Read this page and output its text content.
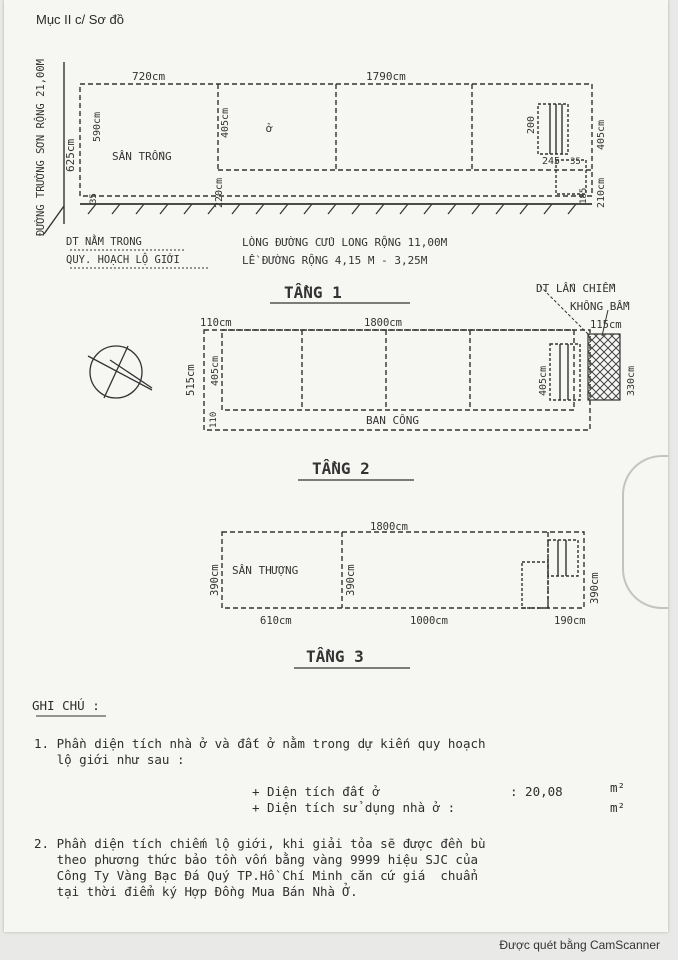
Mục II c/ Sơ đồ
720cm	1790cm
625cm
590cm
35
405cm
220cm
200
245 35
405cm
210cm
185
SÂN TRỐNG
ở
ĐƯỜNG TRƯỜNG SƠN RỘNG 21,00M
DT NẰM TRONG
QUY. HOẠCH LỘ GIỚI
LÒNG ĐƯỜNG CỬU LONG RỘNG 11,00M
LỀ ĐƯỜNG RỘNG 4,15 M - 3,25M
TẦNG 1
110cm	1800cm	115cm
515cm 405cm
110
405cm	330cm
BAN CÔNG
DT LẤN CHIẾM
KHÔNG BẤM
TẦNG 2
1800cm
390cm	390cm	390cm
610cm	1000cm	190cm
SÂN THƯỢNG
TẦNG 3
GHI CHÚ :
1. Phần diện tích nhà ở và đất ở nằm trong dự kiến quy hoạch
lộ giới như sau :
+ Diện tích đất ở	: 20,08	m²
+ Diện tích sử dụng nhà ở :	m²
2. Phần diện tích chiếm lộ giới, khi giải tỏa sẽ được đền bù
theo phương thức bảo tồn vốn bằng vàng 9999 hiệu SJC của
Công Ty Vàng Bạc Đá Quý TP.Hồ Chí Minh căn cứ giá  chuẩn
tại thời điểm ký Hợp Đồng Mua Bán Nhà Ở.
Được quét bằng CamScanner
